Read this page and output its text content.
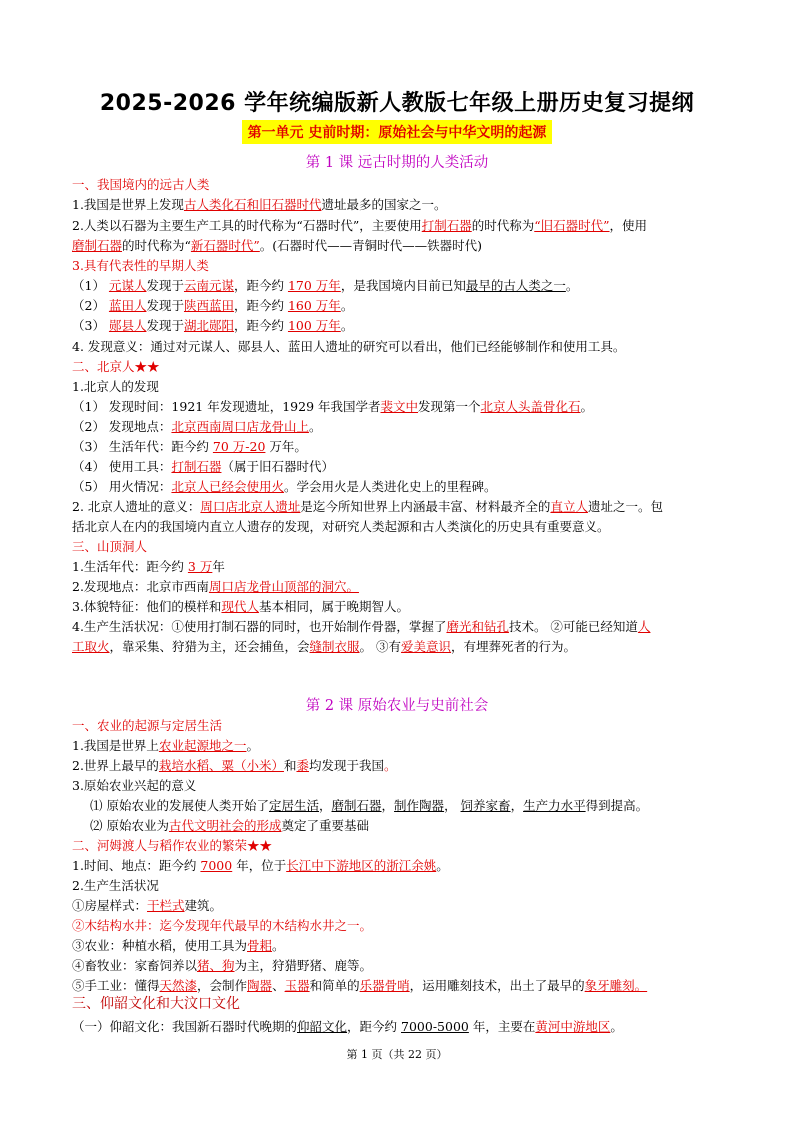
2025-2026 学年统编版新人教版七年级上册历史复习提纲
第一单元 史前时期：原始社会与中华文明的起源
第 1 课 远古时期的人类活动
一、我国境内的远古人类
1.我国是世界上发现古人类化石和旧石器时代遗址最多的国家之一。
2.人类以石器为主要生产工具的时代称为“石器时代”，主要使用打制石器的时代称为“旧石器时代”，使用
磨制石器的时代称为“新石器时代”。(石器时代——青铜时代——铁器时代)
3.具有代表性的早期人类
（1） 元谋人发现于云南元谋，距今约 170 万年，是我国境内目前已知最早的古人类之一。
（2） 蓝田人发现于陕西蓝田，距今约 160 万年。
（3） 郧县人发现于湖北郧阳，距今约 100 万年。
4. 发现意义：通过对元谋人、郧县人、蓝田人遗址的研究可以看出，他们已经能够制作和使用工具。
二、北京人★★
1.北京人的发现
（1） 发现时间：1921 年发现遗址，1929 年我国学者裴文中发现第一个北京人头盖骨化石。
（2） 发现地点：北京西南周口店龙骨山上。
（3） 生活年代：距今约 70 万-20 万年。
（4） 使用工具：打制石器（属于旧石器时代）
（5） 用火情况：北京人已经会使用火。学会用火是人类进化史上的里程碑。
2. 北京人遗址的意义：周口店北京人遗址是迄今所知世界上内涵最丰富、材料最齐全的直立人遗址之一。包
括北京人在内的我国境内直立人遗存的发现，对研究人类起源和古人类演化的历史具有重要意义。
三、山顶洞人
1.生活年代：距今约 3 万年
2.发现地点：北京市西南周口店龙骨山顶部的洞穴。
3.体貌特征：他们的模样和现代人基本相同，属于晚期智人。
4.生产生活状况：①使用打制石器的同时，也开始制作骨器，掌握了磨光和钻孔技术。 ②可能已经知道人
工取火，靠采集、狩猎为主，还会捕鱼，会缝制衣服。 ③有爱美意识，有埋葬死者的行为。
第 2 课 原始农业与史前社会
一、农业的起源与定居生活
1.我国是世界上农业起源地之一。
2.世界上最早的栽培水稻、粟（小米）和黍均发现于我国。
3.原始农业兴起的意义
⑴ 原始农业的发展使人类开始了定居生活，磨制石器，制作陶器， 饲养家畜，生产力水平得到提高。
⑵ 原始农业为古代文明社会的形成奠定了重要基础
二、河姆渡人与稻作农业的繁荣★★
1.时间、地点：距今约 7000 年，位于长江中下游地区的浙江余姚。
2.生产生活状况
①房屋样式：干栏式建筑。
②木结构水井：迄今发现年代最早的木结构水井之一。
③农业：种植水稻，使用工具为骨耜。
④畜牧业：家畜饲养以猪、狗为主，狩猎野猪、鹿等。
⑤手工业：懂得天然漆，会制作陶器、玉器和简单的乐器骨哨，运用雕刻技术，出土了最早的象牙雕刻。
三、仰韶文化和大汶口文化
（一）仰韶文化：我国新石器时代晚期的仰韶文化，距今约 7000-5000 年，主要在黄河中游地区。
第 1 页（共 22 页）
